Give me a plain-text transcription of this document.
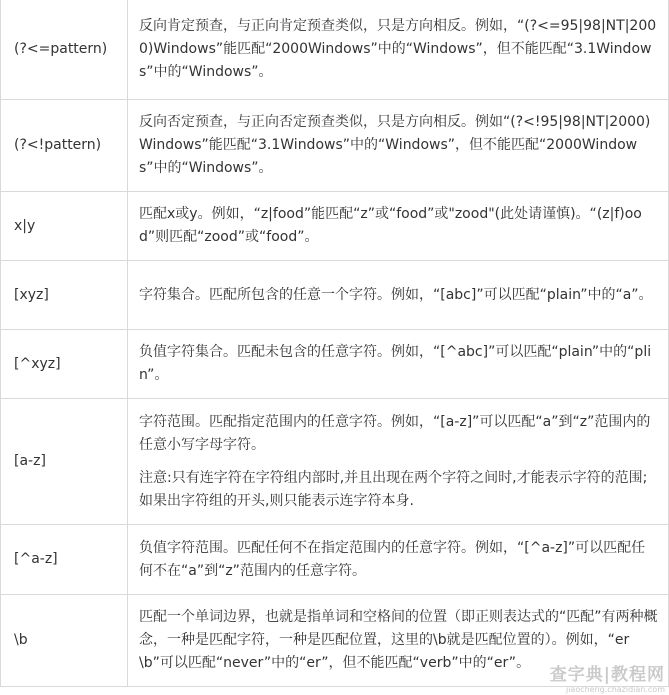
(?<=pattern)	反向肯定预查，与正向肯定预查类似，只是方向相反。例如，“(?<=95|98|NT|2000)Windows”能匹配“2000Windows”中的“Windows”，但不能匹配“3.1Windows”中的“Windows”。

(?<!pattern)	反向否定预查，与正向否定预查类似，只是方向相反。例如“(?<!95|98|NT|2000)Windows”能匹配“3.1Windows”中的“Windows”，但不能匹配“2000Windows”中的“Windows”。

x|y	匹配x或y。例如，“z|food”能匹配“z”或“food”或"zood"(此处请谨慎)。“(z|f)ood”则匹配“zood”或“food”。

[xyz]	字符集合。匹配所包含的任意一个字符。例如，“[abc]”可以匹配“plain”中的“a”。

[^xyz]	负值字符集合。匹配未包含的任意字符。例如，“[^abc]”可以匹配“plain”中的“plin”。

[a-z]	字符范围。匹配指定范围内的任意字符。例如，“[a-z]”可以匹配“a”到“z”范围内的任意小写字母字符。
注意:只有连字符在字符组内部时,并且出现在两个字符之间时,才能表示字符的范围; 如果出字符组的开头,则只能表示连字符本身.

[^a-z]	负值字符范围。匹配任何不在指定范围内的任意字符。例如，“[^a-z]”可以匹配任何不在“a”到“z”范围内的任意字符。

\b	匹配一个单词边界，也就是指单词和空格间的位置（即正则表达式的“匹配”有两种概念，一种是匹配字符，一种是匹配位置，这里的\b就是匹配位置的）。例如，“er\b”可以匹配“never”中的“er”，但不能匹配“verb”中的“er”。
查字典|教程网
jiaocheng.chazidian.com
